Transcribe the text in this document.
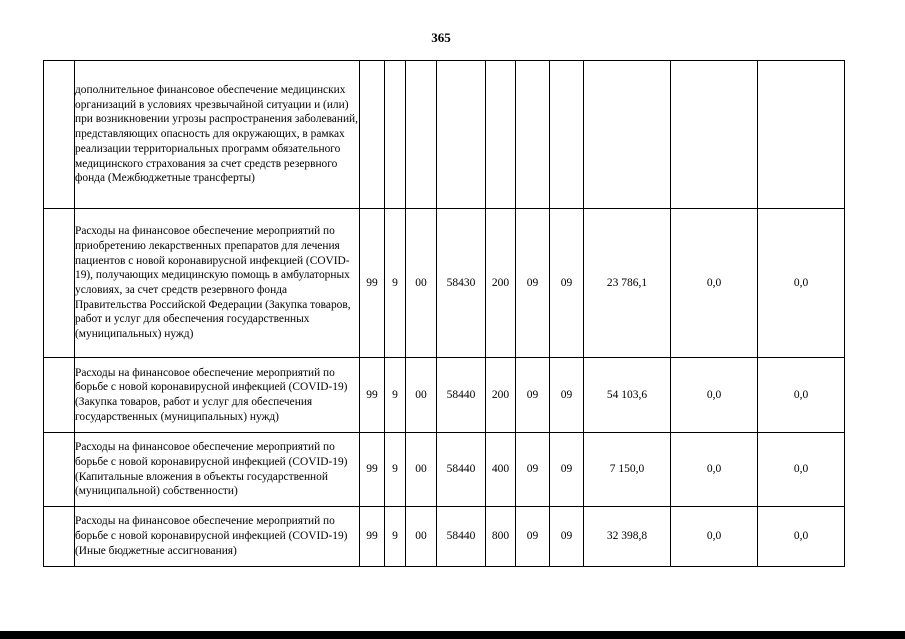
365
	дополнительное финансовое обеспечение медицинских организаций в условиях чрезвычайной ситуации и (или) при возникновении угрозы распространения заболеваний, представляющих опасность для окружающих, в рамках реализации территориальных программ обязательного медицинского страхования за счет средств резервного фонда (Межбюджетные трансферты)										
	Расходы на финансовое обеспечение мероприятий по приобретению лекарственных препаратов для лечения пациентов с новой коронавирусной инфекцией (COVID-19), получающих медицинскую помощь в амбулаторных условиях, за счет средств резервного фонда Правительства Российской Федерации (Закупка товаров, работ и услуг для обеспечения государственных (муниципальных) нужд)	99	9	00	58430	200	09	09	23 786,1	0,0	0,0
	Расходы на финансовое обеспечение мероприятий по борьбе с новой коронавирусной инфекцией (COVID-19) (Закупка товаров, работ и услуг для обеспечения государственных (муниципальных) нужд)	99	9	00	58440	200	09	09	54 103,6	0,0	0,0
	Расходы на финансовое обеспечение мероприятий по борьбе с новой коронавирусной инфекцией (COVID-19) (Капитальные вложения в объекты государственной (муниципальной) собственности)	99	9	00	58440	400	09	09	7 150,0	0,0	0,0
	Расходы на финансовое обеспечение мероприятий по борьбе с новой коронавирусной инфекцией (COVID-19) (Иные бюджетные ассигнования)	99	9	00	58440	800	09	09	32 398,8	0,0	0,0
